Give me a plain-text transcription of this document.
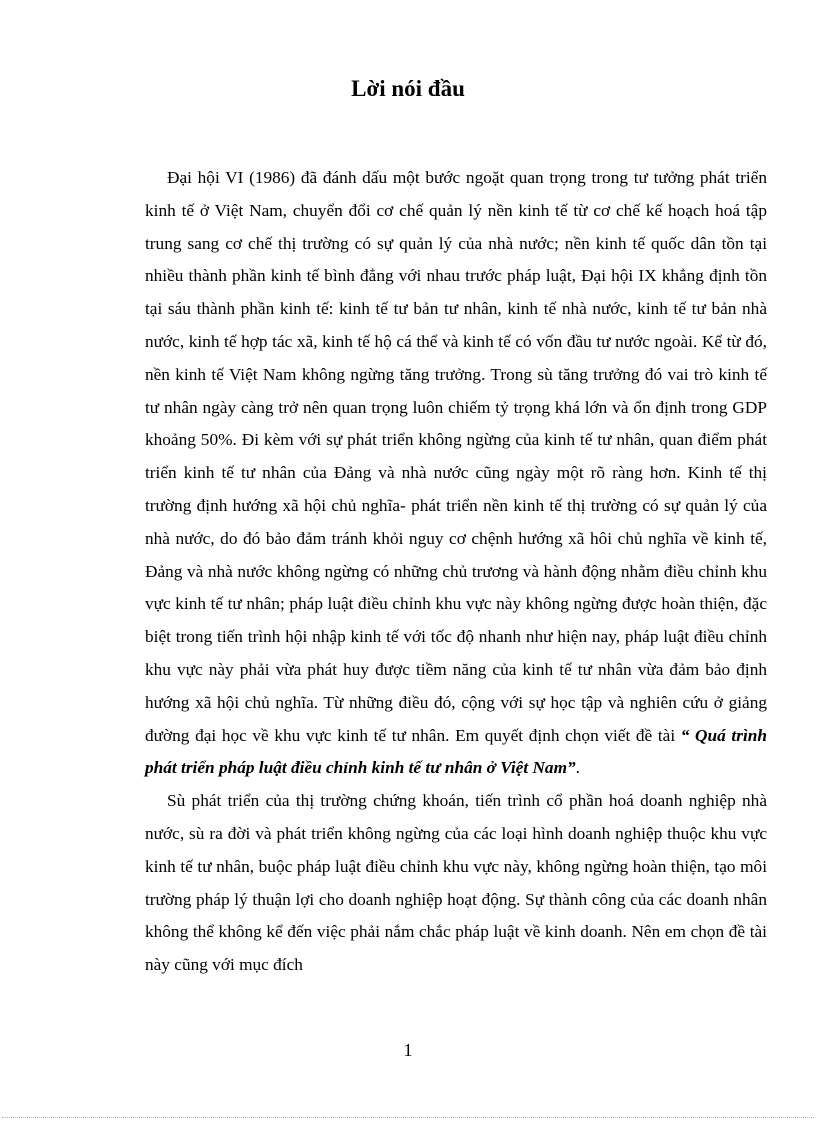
Lời nói đầu

Đại hội VI (1986) đã đánh dấu một bước ngoặt quan trọng trong tư tưởng phát triển kinh tế ở Việt Nam, chuyển đổi cơ chế quản lý nền kinh tế từ cơ chế kế hoạch hoá tập trung sang cơ chế thị trường có sự quản lý của nhà nước; nền kinh tế quốc dân tồn tại nhiều thành phần kinh tế bình đẳng với nhau trước pháp luật, Đại hội IX khẳng định tồn tại sáu thành phần kinh tế: kinh tế tư bản tư nhân, kinh tế nhà nước, kinh tế tư bản nhà nước, kinh tế hợp tác xã, kinh tế hộ cá thể và kinh tế có vốn đầu tư nước ngoài. Kể từ đó, nền kinh tế Việt Nam không ngừng tăng trưởng. Trong sù tăng trưởng đó vai trò kinh tế tư nhân ngày càng trở nên quan trọng luôn chiếm tỷ trọng khá lớn và ổn định trong GDP khoảng 50%. Đi kèm với sự phát triển không ngừng của kinh tế tư nhân, quan điểm phát triển kinh tế tư nhân của Đảng và nhà nước cũng ngày một rõ ràng hơn. Kinh tế thị trường định hướng xã hội chủ nghĩa- phát triển nền kinh tế thị trường có sự quản lý của nhà nước, do đó bảo đảm tránh khỏi nguy cơ chệnh hướng xã hôi chủ nghĩa về kinh tế, Đảng và nhà nước không ngừng có những chủ trương và hành động nhằm điều chỉnh khu vực kinh tế tư nhân; pháp luật điều chỉnh khu vực này không ngừng được hoàn thiện, đặc biệt trong tiến trình hội nhập kinh tế với tốc độ nhanh như hiện nay, pháp luật điều chỉnh khu vực này phải vừa phát huy được tiềm năng của kinh tế tư nhân vừa đảm bảo định hướng xã hội chủ nghĩa. Từ những điều đó, cộng với sự học tập và nghiên cứu ở giảng đường đại học về khu vực kinh tế tư nhân. Em quyết định chọn viết đề tài “ Quá trình phát triển pháp luật điều chỉnh kinh tế tư nhân ở Việt Nam”.

Sù phát triển của thị trường chứng khoán, tiến trình cổ phần hoá doanh nghiệp nhà nước, sù ra đời và phát triển không ngừng của các loại hình doanh nghiệp thuộc khu vực kinh tế tư nhân, buộc pháp luật điều chỉnh khu vực này, không ngừng hoàn thiện, tạo môi trường pháp lý thuận lợi cho doanh nghiệp hoạt động. Sự thành công của các doanh nhân không thể không kể đến việc phải nắm chắc pháp luật về kinh doanh. Nên em chọn đề tài này cũng với mục đích

1
